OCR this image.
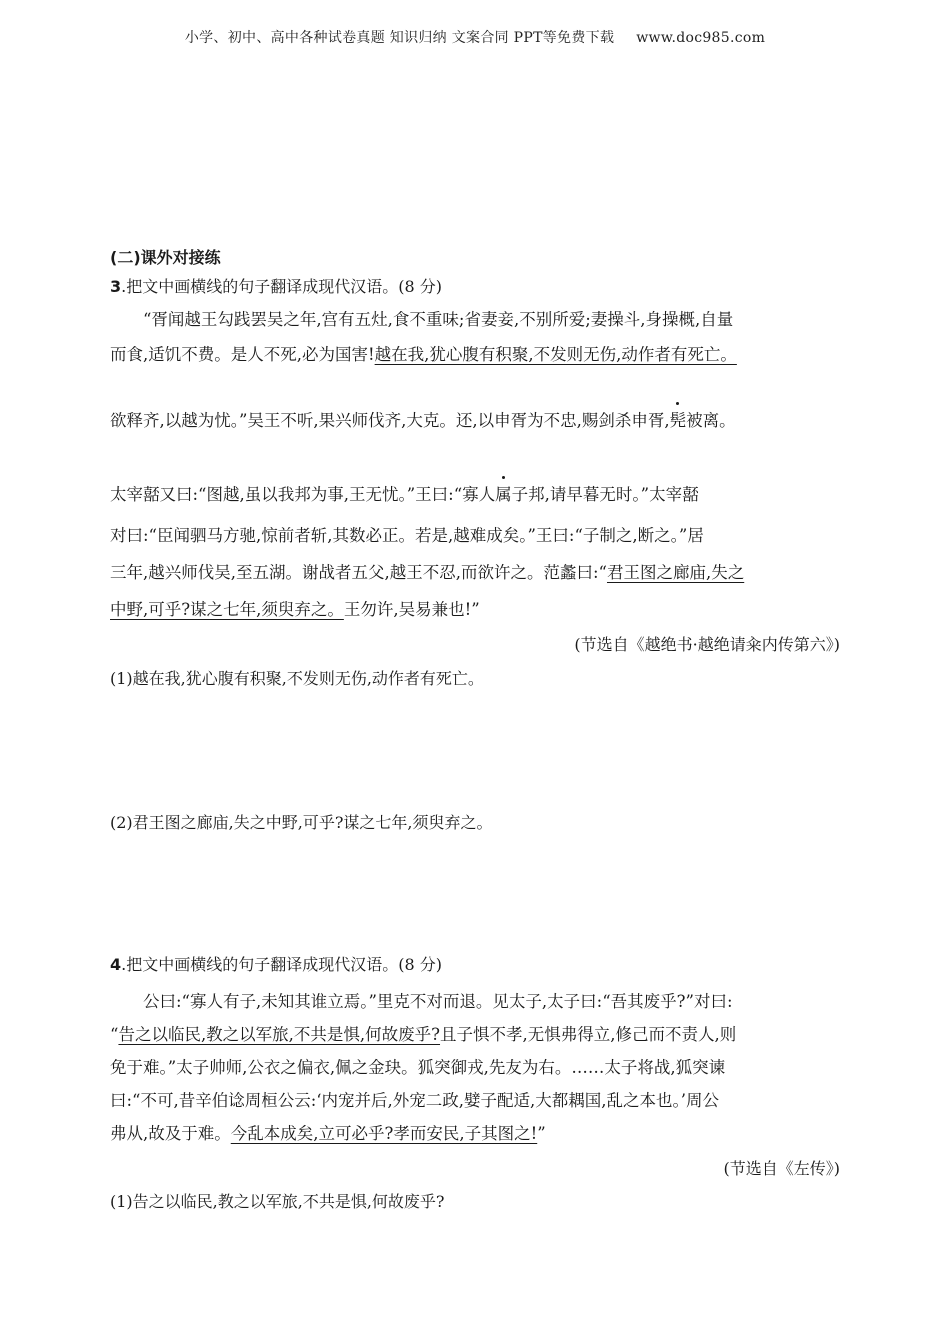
小学、初中、高中各种试卷真题 知识归纳 文案合同 PPT等免费下载 www.doc985.com

(二)课外对接练

3.把文中画横线的句子翻译成现代汉语。(8 分)

“胥闻越王勾践罢吴之年,宫有五灶,食不重味;省妻妾,不别所爱;妻操斗,身操概,自量

而食,适饥不费。是人不死,必为国害!越在我,犹心腹有积聚,不发则无伤,动作者有死亡。

欲释齐,以越为忧。”吴王不听,果兴师伐齐,大克。还,以申胥为不忠,赐剑杀申胥,髡被离。

太宰嚭又曰:“图越,虽以我邦为事,王无忧。”王曰:“寡人属子邦,请早暮无时。”太宰嚭

对曰:“臣闻驷马方驰,惊前者斩,其数必正。若是,越难成矣。”王曰:“子制之,断之。”居

三年,越兴师伐吴,至五湖。谢战者五父,越王不忍,而欲许之。范蠡曰:“君王图之廊庙,失之

中野,可乎?谋之七年,须臾弃之。王勿许,吴易兼也!”

(节选自《越绝书·越绝请籴内传第六》)

(1)越在我,犹心腹有积聚,不发则无伤,动作者有死亡。

(2)君王图之廊庙,失之中野,可乎?谋之七年,须臾弃之。

4.把文中画横线的句子翻译成现代汉语。(8 分)

公曰:“寡人有子,未知其谁立焉。”里克不对而退。见太子,太子曰:“吾其废乎?”对曰:

“告之以临民,教之以军旅,不共是惧,何故废乎?且子惧不孝,无惧弗得立,修己而不责人,则

免于难。”太子帅师,公衣之偏衣,佩之金玦。狐突御戎,先友为右。……太子将战,狐突谏

曰:“不可,昔辛伯谂周桓公云:‘内宠并后,外宠二政,嬖子配适,大都耦国,乱之本也。’周公

弗从,故及于难。今乱本成矣,立可必乎?孝而安民,子其图之!”

(节选自《左传》)

(1)告之以临民,教之以军旅,不共是惧,何故废乎?
